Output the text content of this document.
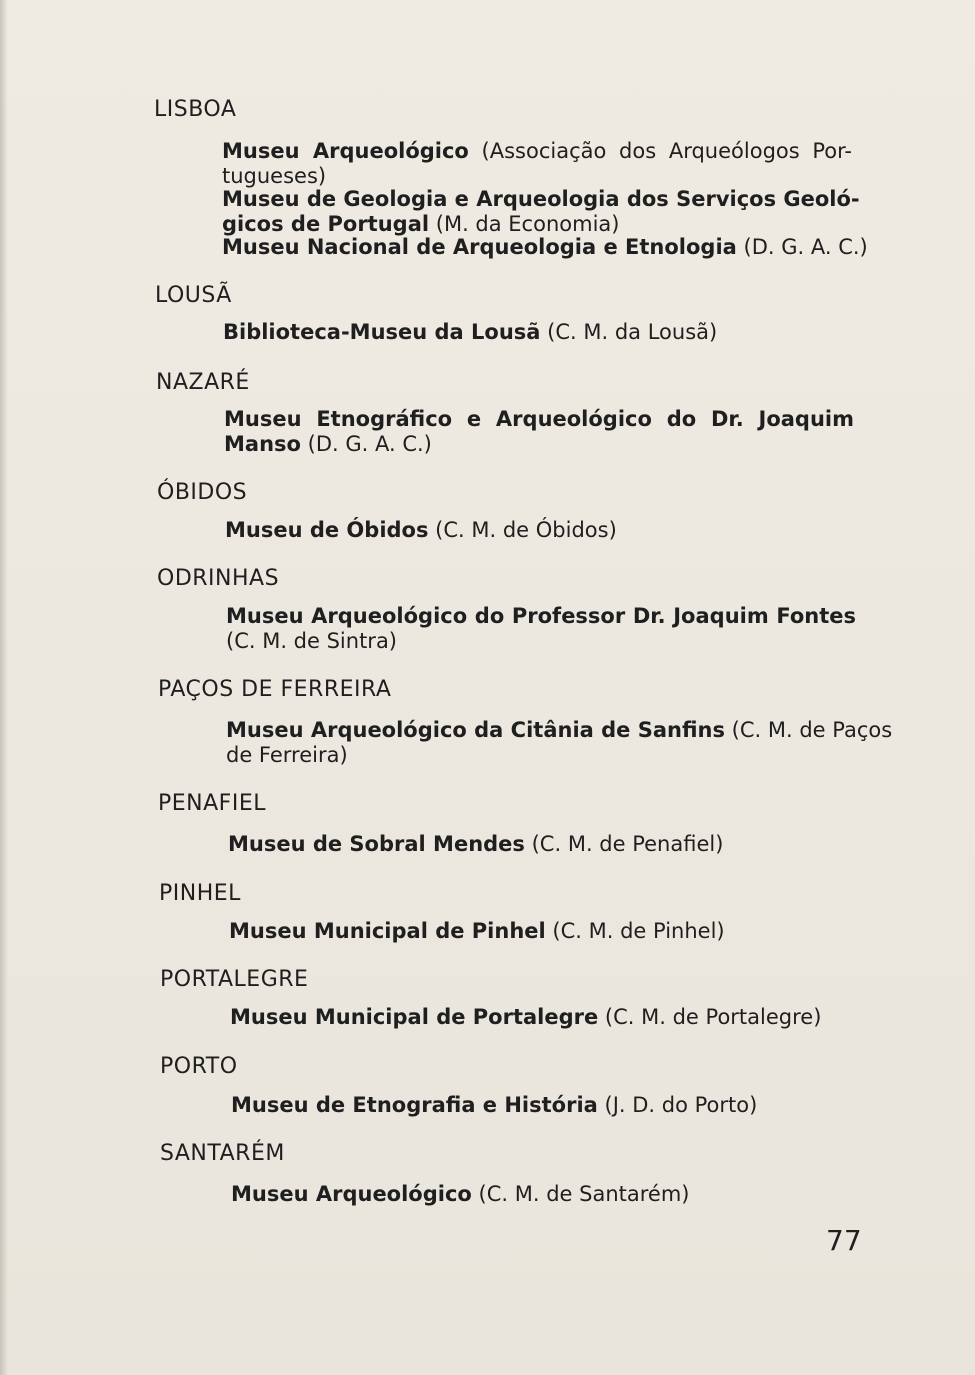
LISBOA
Museu Arqueológico (Associação dos Arqueólogos Por-
tugueses)
Museu de Geologia e Arqueologia dos Serviços Geoló-
gicos de Portugal (M. da Economia)
Museu Nacional de Arqueologia e Etnologia (D. G. A. C.)
LOUSÃ
Biblioteca-Museu da Lousã (C. M. da Lousã)
NAZARÉ
Museu Etnográfico e Arqueológico do Dr. Joaquim
Manso (D. G. A. C.)
ÓBIDOS
Museu de Óbidos (C. M. de Óbidos)
ODRINHAS
Museu Arqueológico do Professor Dr. Joaquim Fontes
(C. M. de Sintra)
PAÇOS DE FERREIRA
Museu Arqueológico da Citânia de Sanfins (C. M. de Paços
de Ferreira)
PENAFIEL
Museu de Sobral Mendes (C. M. de Penafiel)
PINHEL
Museu Municipal de Pinhel (C. M. de Pinhel)
PORTALEGRE
Museu Municipal de Portalegre (C. M. de Portalegre)
PORTO
Museu de Etnografia e História (J. D. do Porto)
SANTARÉM
Museu Arqueológico (C. M. de Santarém)
77
